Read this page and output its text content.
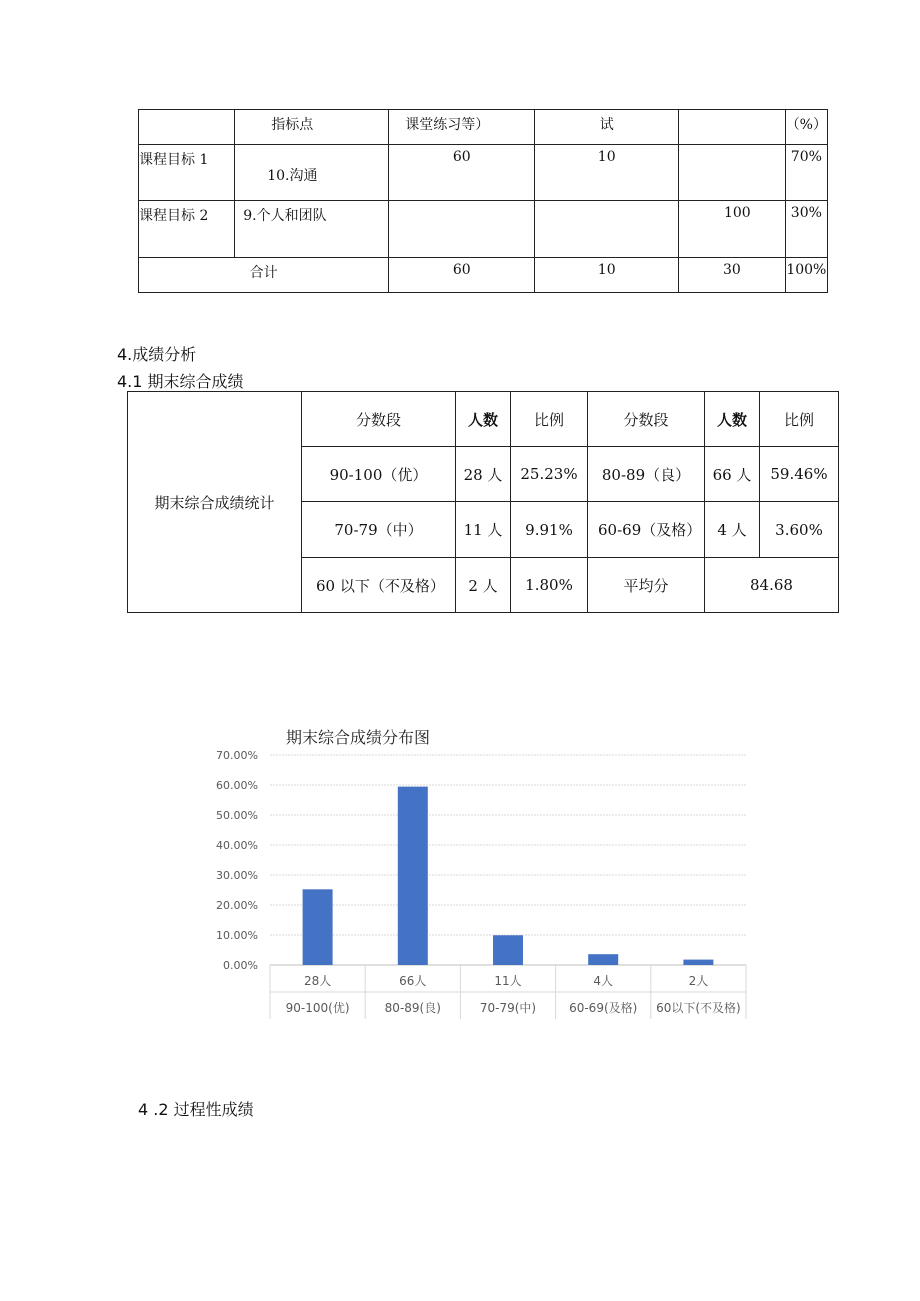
	指标点	课堂练习等）	试		（%）
课程目标 1	10.沟通	60	10		70%
课程目标 2	9.个人和团队			100	30%
合计		60	10	30	100%
4.成绩分析
4.1 期末综合成绩
期末综合成绩统计	分数段	人数	比例	分数段	人数	比例
	90-100（优）	28 人	25.23%	80-89（良）	66 人	59.46%
	70-79（中）	11 人	9.91%	60-69（及格）	4 人	3.60%
	60 以下（不及格）	2 人	1.80%	平均分	84.68	
期末综合成绩分布图
0.00%
10.00%
20.00%
30.00%
40.00%
50.00%
60.00%
70.00%
28人
90-100(优)
66人
80-89(良)
11人
70-79(中)
4人
60-69(及格)
2人
60以下(不及格)
4 .2 过程性成绩
